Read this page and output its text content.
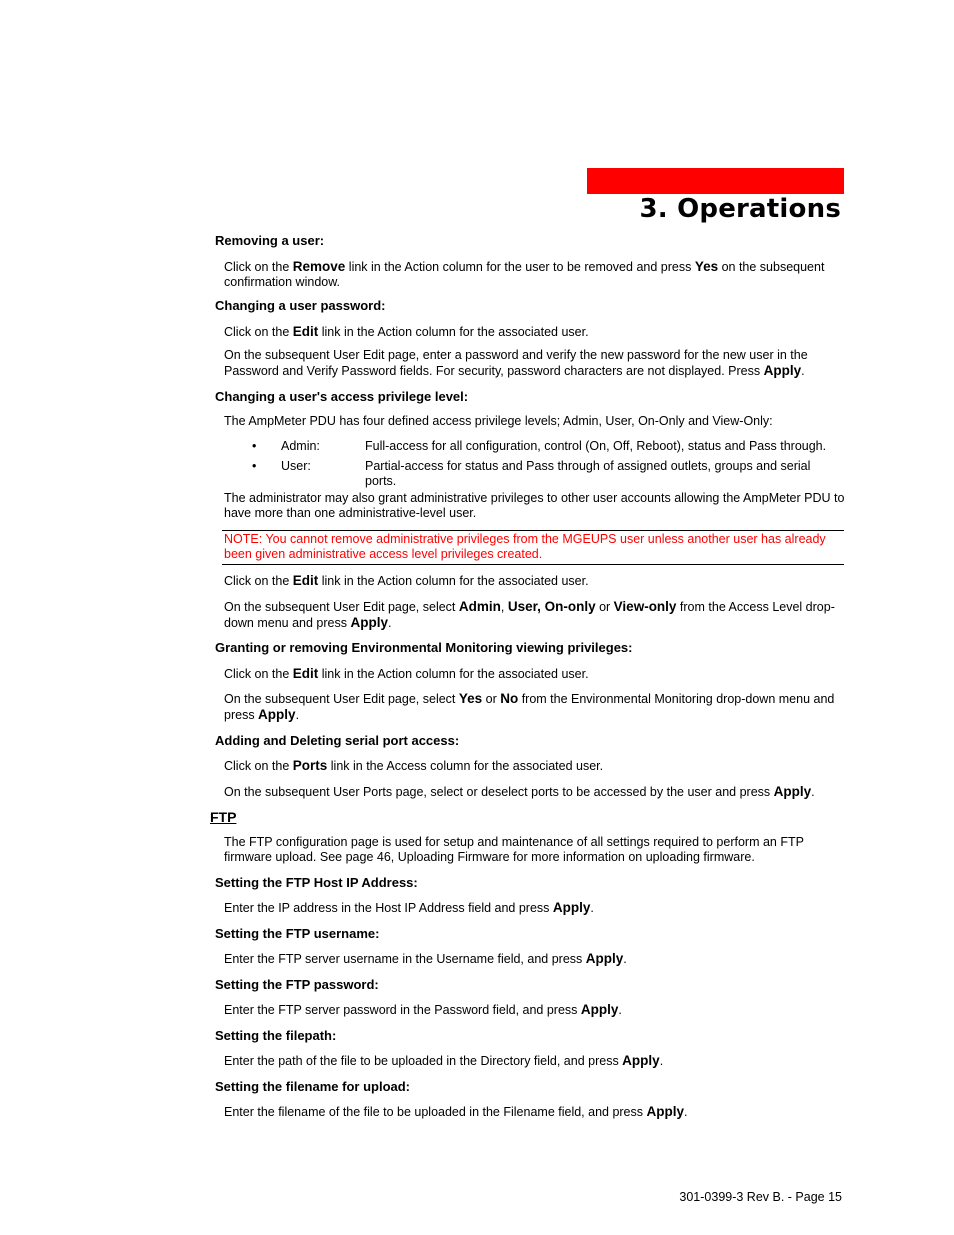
3. Operations
Removing a user:
Click on the Remove link in the Action column for the user to be removed and press Yes on the subsequent confirmation window.
Changing a user password:
Click on the Edit link in the Action column for the associated user.
On the subsequent User Edit page, enter a password and verify the new password for the new user in the Password and Verify Password fields. For security, password characters are not displayed. Press Apply.
Changing a user's access privilege level:
The AmpMeter PDU has four defined access privilege levels; Admin, User, On-Only and View-Only:
• Admin:	Full-access for all configuration, control (On, Off, Reboot), status and Pass through.
• User:	Partial-access for status and Pass through of assigned outlets, groups and serial ports.
The administrator may also grant administrative privileges to other user accounts allowing the AmpMeter PDU to have more than one administrative-level user.
NOTE: You cannot remove administrative privileges from the MGEUPS user unless another user has already been given administrative access level privileges created.
Click on the Edit link in the Action column for the associated user.
On the subsequent User Edit page, select Admin, User, On-only or View-only from the Access Level drop-down menu and press Apply.
Granting or removing Environmental Monitoring viewing privileges:
Click on the Edit link in the Action column for the associated user.
On the subsequent User Edit page, select Yes or No from the Environmental Monitoring drop-down menu and press Apply.
Adding and Deleting serial port access:
Click on the Ports link in the Access column for the associated user.
On the subsequent User Ports page, select or deselect ports to be accessed by the user and press Apply.
FTP
The FTP configuration page is used for setup and maintenance of all settings required to perform an FTP firmware upload. See page 46, Uploading Firmware for more information on uploading firmware.
Setting the FTP Host IP Address:
Enter the IP address in the Host IP Address field and press Apply.
Setting the FTP username:
Enter the FTP server username in the Username field, and press Apply.
Setting the FTP password:
Enter the FTP server password in the Password field, and press Apply.
Setting the filepath:
Enter the path of the file to be uploaded in the Directory field, and press Apply.
Setting the filename for upload:
Enter the filename of the file to be uploaded in the Filename field, and press Apply.
301-0399-3 Rev B. - Page 15
